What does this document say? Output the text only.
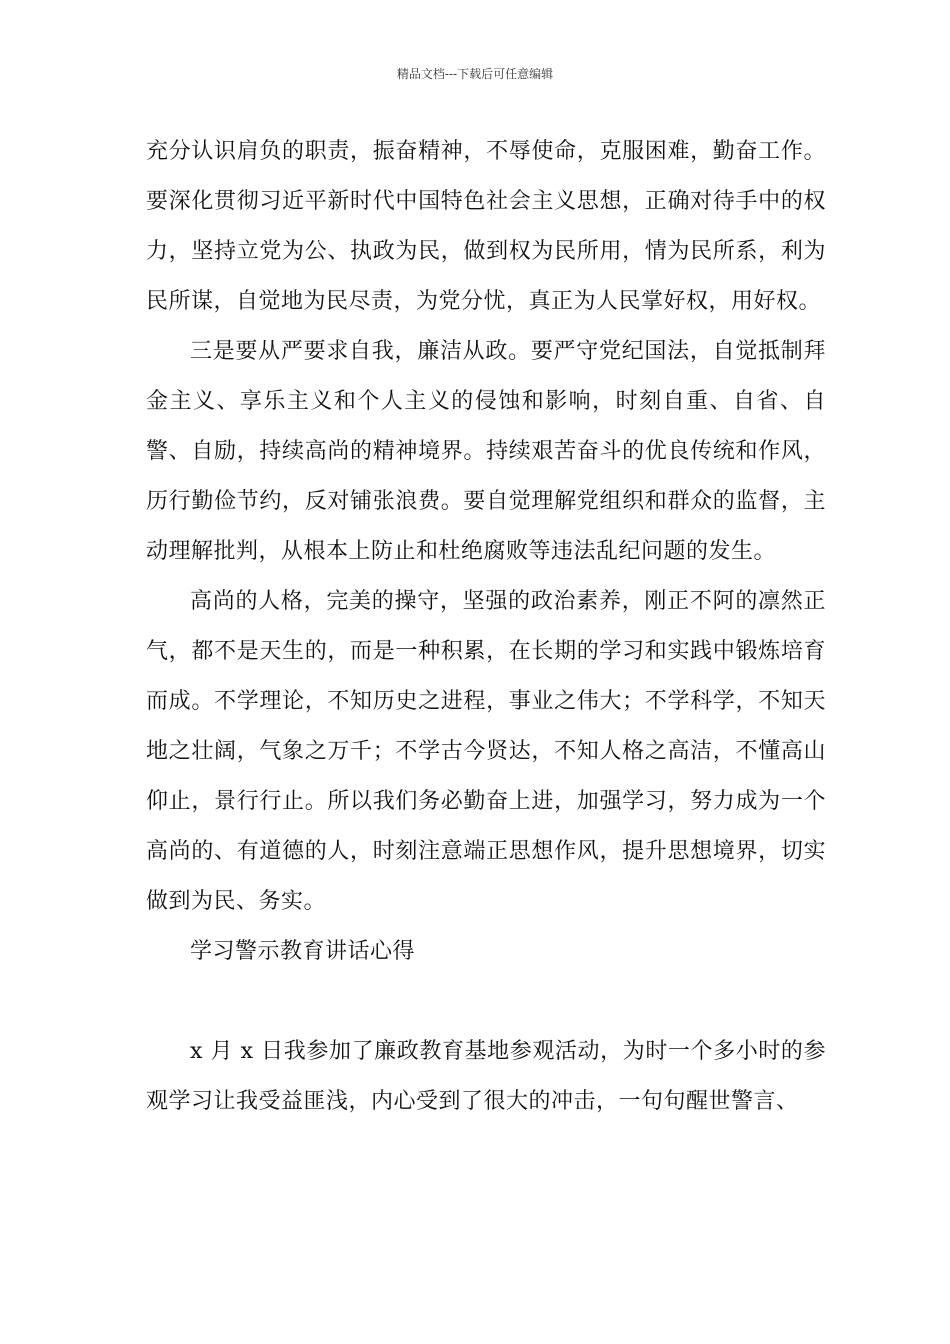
精品文档---下载后可任意编辑

充分认识肩负的职责，振奋精神，不辱使命，克服困难，勤奋工作。要深化贯彻习近平新时代中国特色社会主义思想，正确对待手中的权力，坚持立党为公、执政为民，做到权为民所用，情为民所系，利为民所谋，自觉地为民尽责，为党分忧，真正为人民掌好权，用好权。

三是要从严要求自我，廉洁从政。要严守党纪国法，自觉抵制拜金主义、享乐主义和个人主义的侵蚀和影响，时刻自重、自省、自警、自励，持续高尚的精神境界。持续艰苦奋斗的优良传统和作风，历行勤俭节约，反对铺张浪费。要自觉理解党组织和群众的监督，主动理解批判，从根本上防止和杜绝腐败等违法乱纪问题的发生。

高尚的人格，完美的操守，坚强的政治素养，刚正不阿的凛然正气，都不是天生的，而是一种积累，在长期的学习和实践中锻炼培育而成。不学理论，不知历史之进程，事业之伟大；不学科学，不知天地之壮阔，气象之万千；不学古今贤达，不知人格之高洁，不懂高山仰止，景行行止。所以我们务必勤奋上进，加强学习，努力成为一个高尚的、有道德的人，时刻注意端正思想作风，提升思想境界，切实做到为民、务实。

学习警示教育讲话心得

x 月 x 日我参加了廉政教育基地参观活动，为时一个多小时的参观学习让我受益匪浅，内心受到了很大的冲击，一句句醒世警言、
